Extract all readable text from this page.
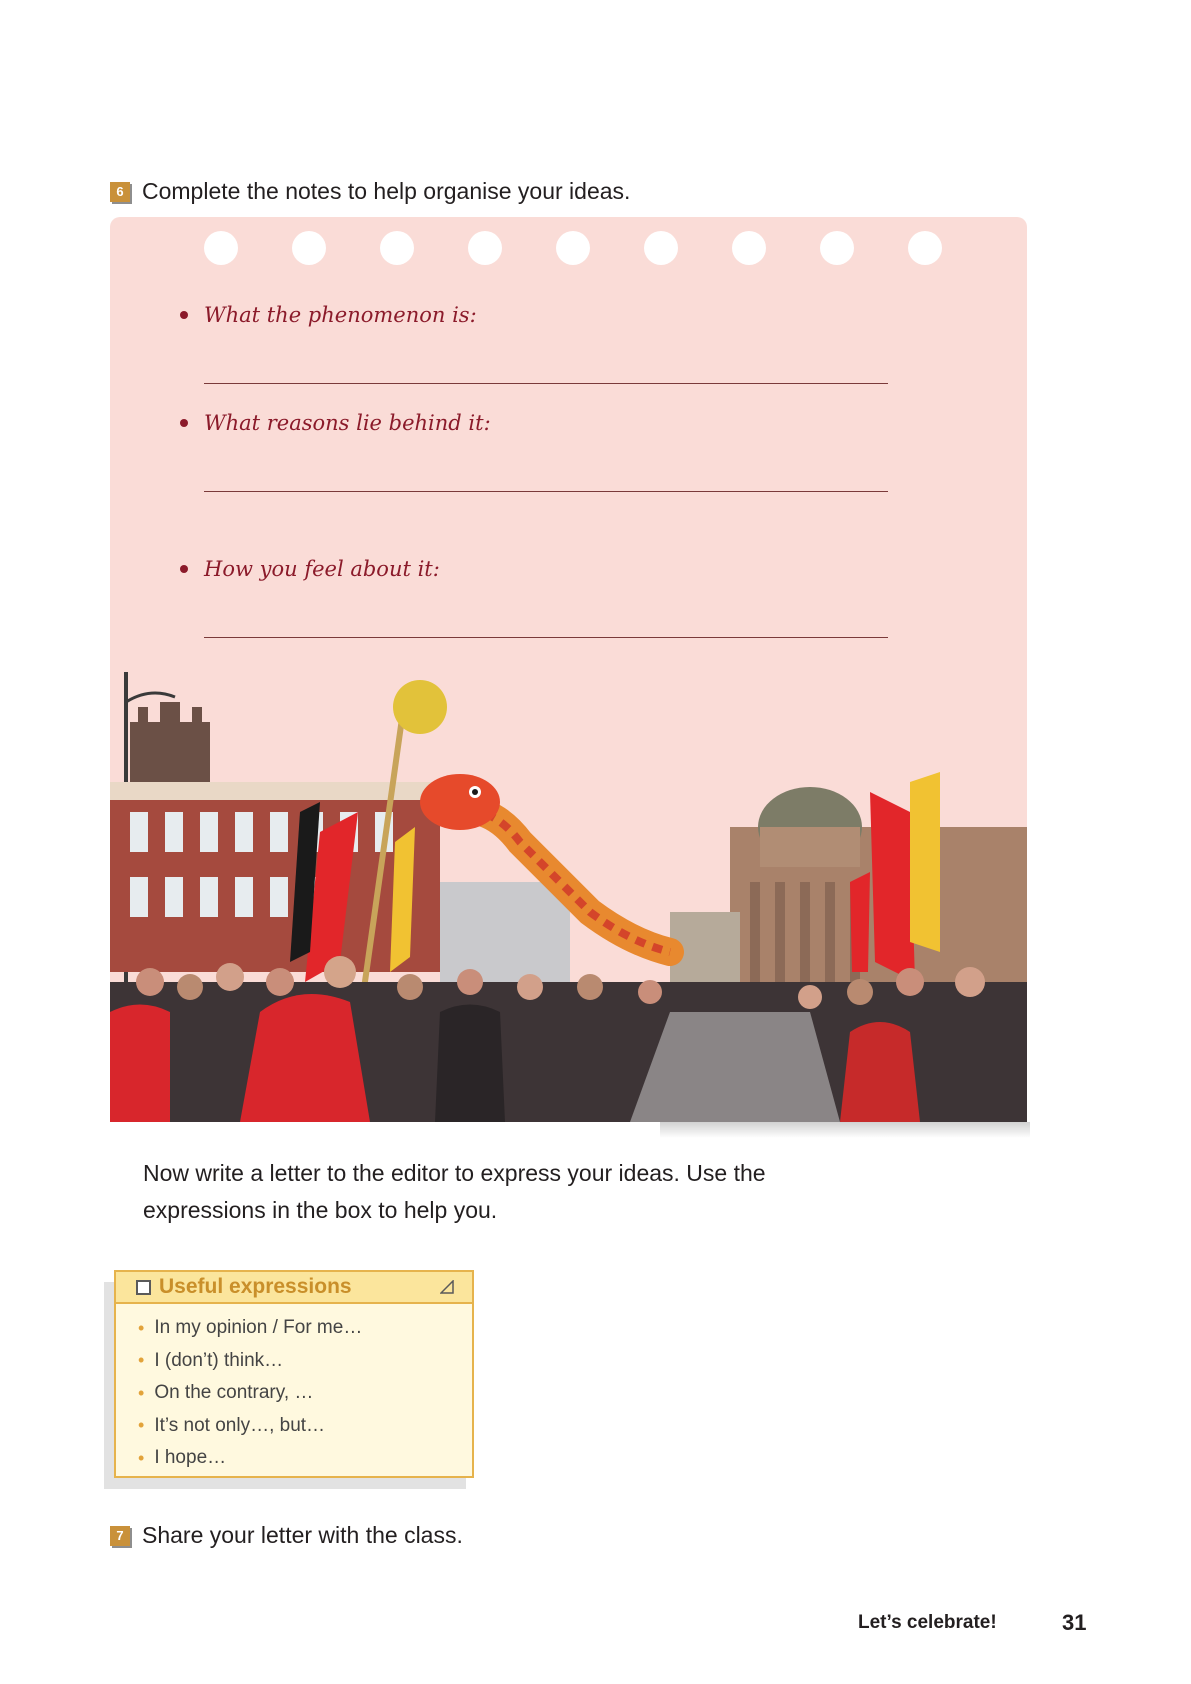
6 Complete the notes to help organise your ideas.
What the phenomenon is:
What reasons lie behind it:
How you feel about it:

Now write a letter to the editor to express your ideas. Use the expressions in the box to help you.

Useful expressions
• In my opinion / For me…
• I (don’t) think…
• On the contrary, …
• It’s not only…, but…
• I hope…
7 Share your letter with the class.
Let’s celebrate!	31
